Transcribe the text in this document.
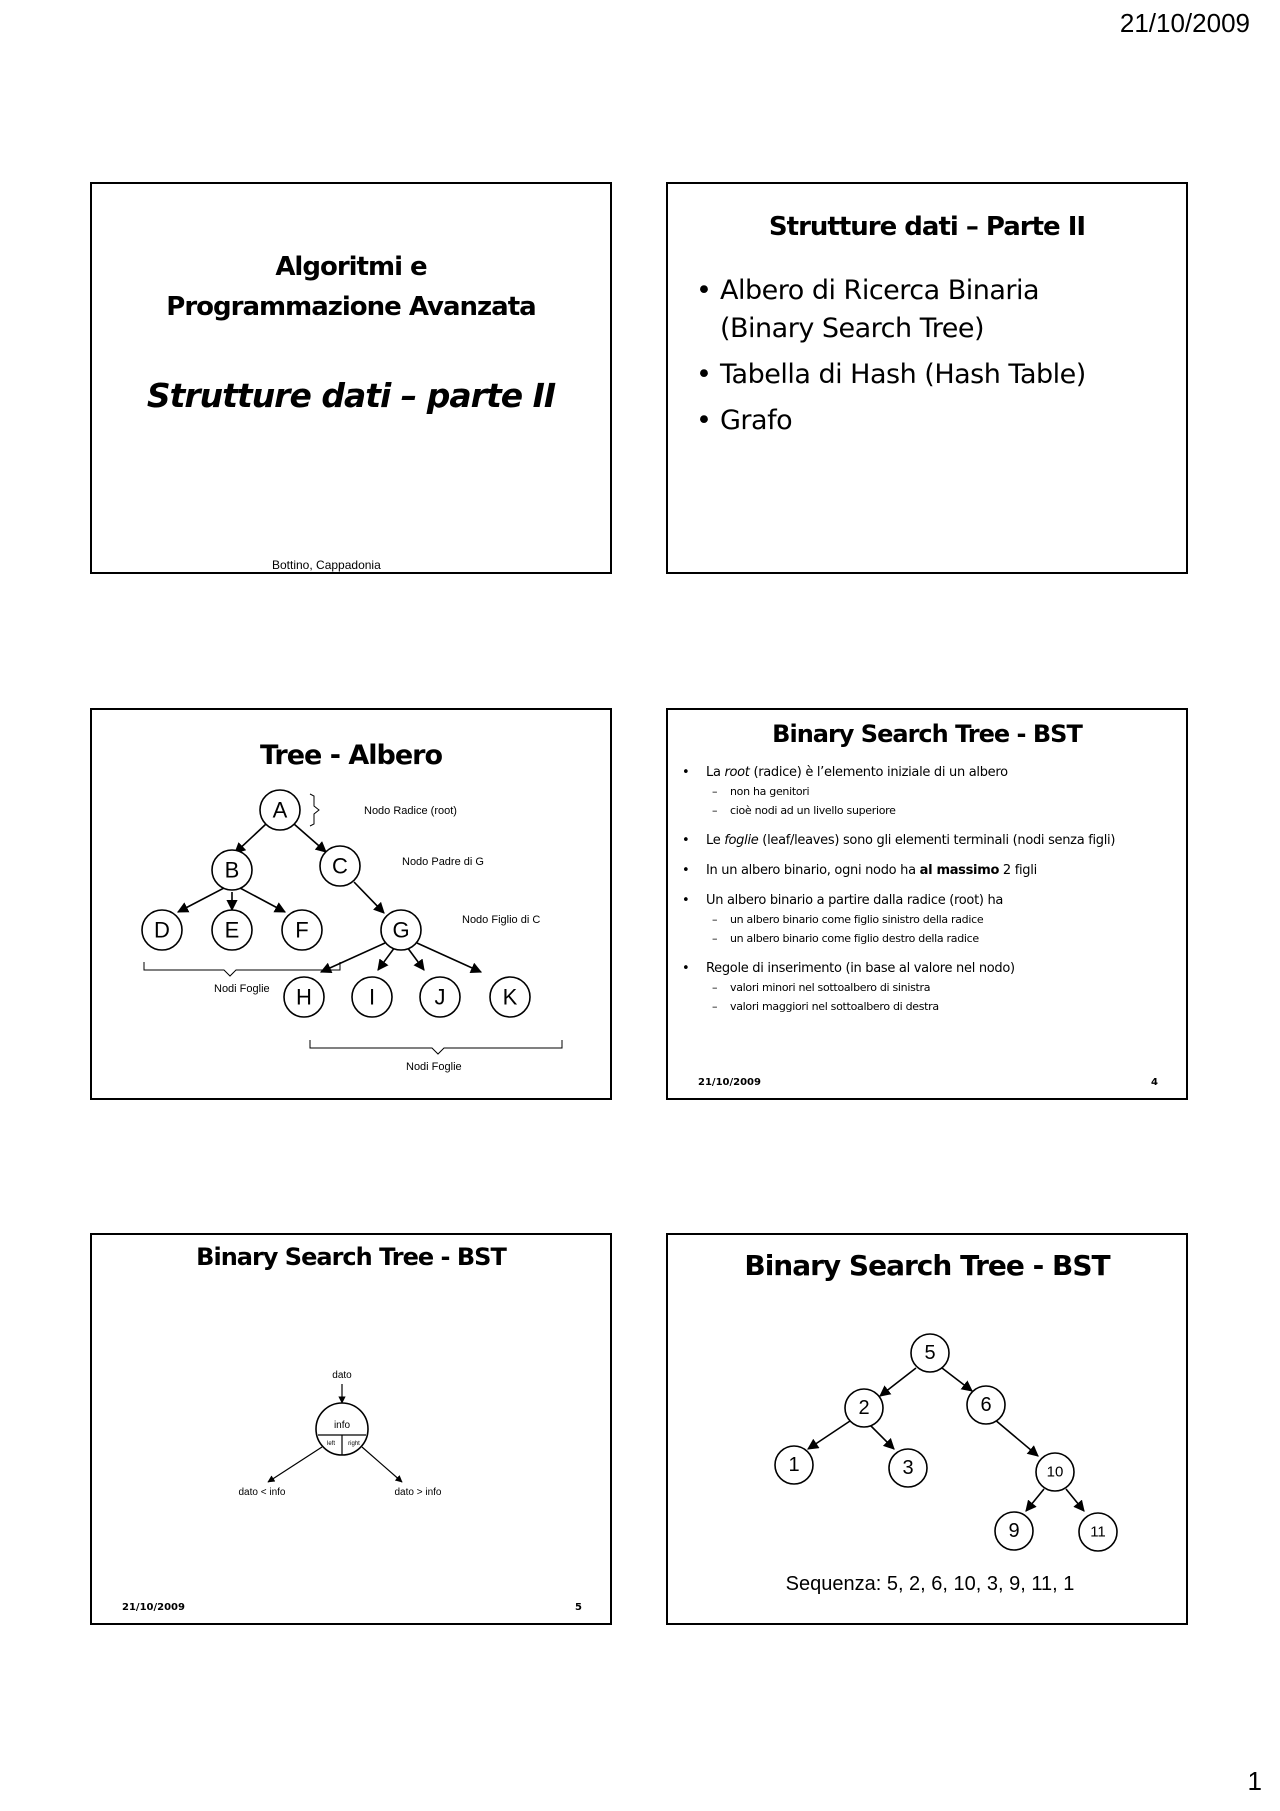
21/10/2009
Algoritmi e
Programmazione Avanzata
Strutture dati – parte II
Bottino, Cappadonia
Strutture dati – Parte II
• Albero di Ricerca Binaria (Binary Search Tree)
• Tabella di Hash (Hash Table)
• Grafo
Tree - Albero
A
B	C
D E	F	G
H	I	J	K
Nodo Radice (root)
Nodo Padre di G
Nodo Figlio di C
Nodi Foglie
Nodi Foglie
Binary Search Tree - BST

• La root (radice) è l’elemento iniziale di un albero

– non ha genitori

– cioè nodi ad un livello superiore

• Le foglie (leaf/leaves) sono gli elementi terminali (nodi senza figli)

• In un albero binario, ogni nodo ha al massimo 2 figli

• Un albero binario a partire dalla radice (root) ha

– un albero binario come figlio sinistro della radice

– un albero binario come figlio destro della radice

• Regole di inserimento (in base al valore nel nodo)

– valori minori nel sottoalbero di sinistra

– valori maggiori nel sottoalbero di destra

21/10/2009	4
Binary Search Tree - BST
dato
info
left right
dato < info	dato > info
21/10/2009	5
Binary Search Tree - BST
5
2	6
1	3	10
9	11
Sequenza: 5, 2, 6, 10, 3, 9, 11, 1
1
